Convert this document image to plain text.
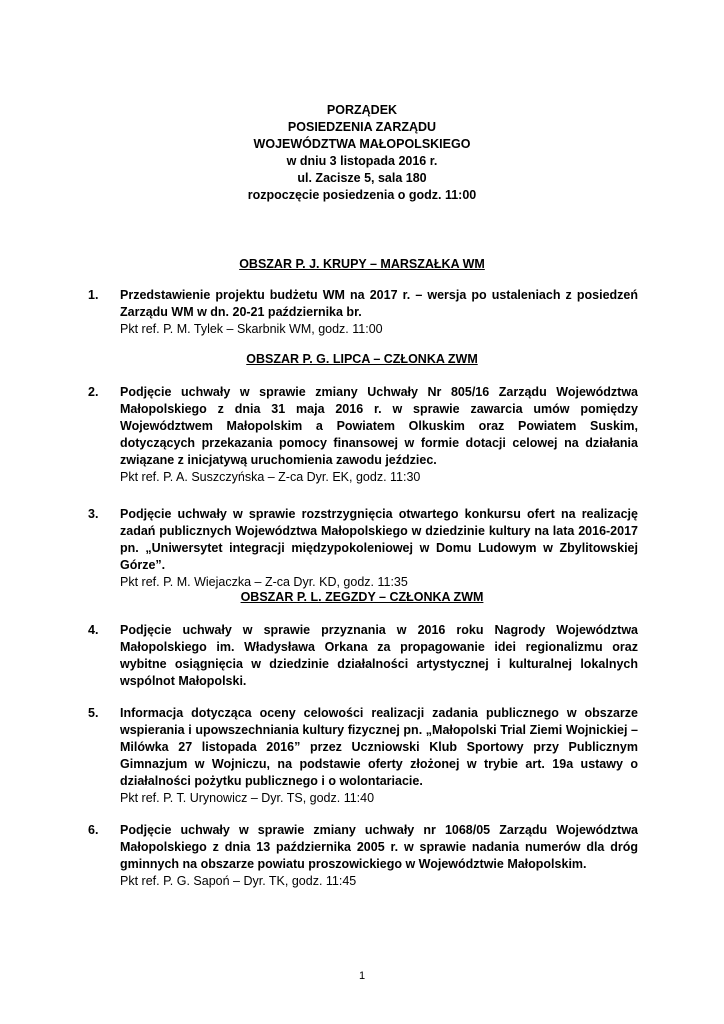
PORZĄDEK
POSIEDZENIA ZARZĄDU
WOJEWÓDZTWA MAŁOPOLSKIEGO
w dniu 3 listopada 2016 r.
ul. Zacisze 5, sala 180
rozpoczęcie posiedzenia o godz. 11:00
OBSZAR P. J. KRUPY – MARSZAŁKA WM
1. Przedstawienie projektu budżetu WM na 2017 r. – wersja po ustaleniach z posiedzeń Zarządu WM w dn. 20-21 października br.
Pkt ref. P. M. Tylek – Skarbnik WM, godz. 11:00
OBSZAR P. G. LIPCA – CZŁONKA ZWM
2. Podjęcie uchwały w sprawie zmiany Uchwały Nr 805/16 Zarządu Województwa Małopolskiego z dnia 31 maja 2016 r. w sprawie zawarcia umów pomiędzy Województwem Małopolskim a Powiatem Olkuskim oraz Powiatem Suskim, dotyczących przekazania pomocy finansowej w formie dotacji celowej na działania związane z inicjatywą uruchomienia zawodu jeździec.
Pkt ref. P. A. Suszczyńska – Z-ca Dyr. EK, godz. 11:30
3. Podjęcie uchwały w sprawie rozstrzygnięcia otwartego konkursu ofert na realizację zadań publicznych Województwa Małopolskiego w dziedzinie kultury na lata 2016-2017 pn. „Uniwersytet integracji międzypokoleniowej w Domu Ludowym w Zbylitowskiej Górze”.
Pkt ref. P. M. Wiejaczka – Z-ca Dyr. KD, godz. 11:35
OBSZAR P. L. ZEGZDY – CZŁONKA ZWM
4. Podjęcie uchwały w sprawie przyznania w 2016 roku Nagrody Województwa Małopolskiego im. Władysława Orkana za propagowanie idei regionalizmu oraz wybitne osiągnięcia w dziedzinie działalności artystycznej i kulturalnej lokalnych wspólnot Małopolski.
5. Informacja dotycząca oceny celowości realizacji zadania publicznego w obszarze wspierania i upowszechniania kultury fizycznej pn. „Małopolski Trial Ziemi Wojnickiej – Milówka 27 listopada 2016” przez Uczniowski Klub Sportowy przy Publicznym Gimnazjum w Wojniczu, na podstawie oferty złożonej w trybie art. 19a ustawy o działalności pożytku publicznego i o wolontariacie.
Pkt ref. P. T. Urynowicz – Dyr. TS, godz. 11:40
6. Podjęcie uchwały w sprawie zmiany uchwały nr 1068/05 Zarządu Województwa Małopolskiego z dnia 13 października 2005 r. w sprawie nadania numerów dla dróg gminnych na obszarze powiatu proszowickiego w Województwie Małopolskim.
Pkt ref. P. G. Sapoń – Dyr. TK, godz. 11:45
1
